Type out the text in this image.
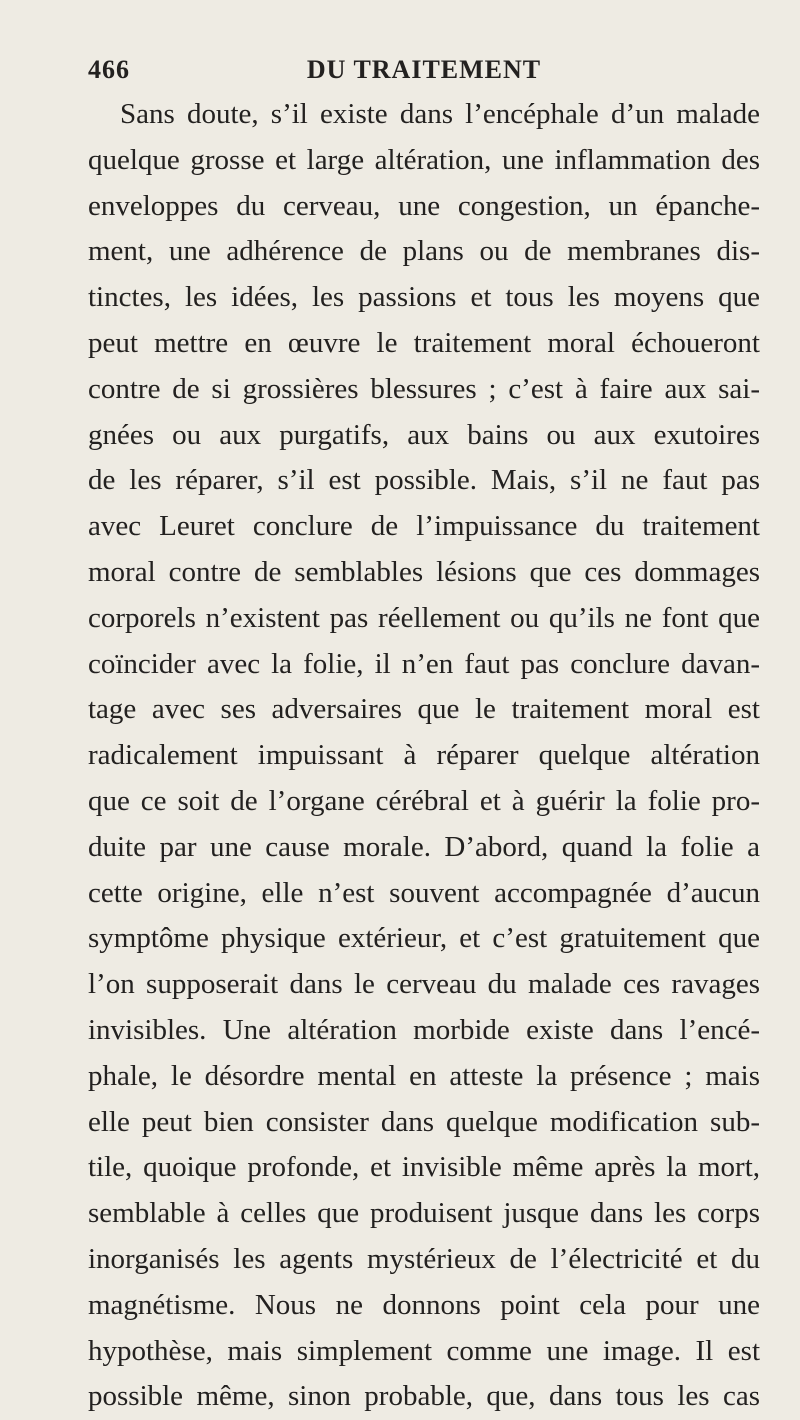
466	DU TRAITEMENT
Sans doute, s’il existe dans l’encéphale d’un malade
quelque grosse et large altération, une inflammation des
enveloppes du cerveau, une congestion, un épanche-
ment, une adhérence de plans ou de membranes dis-
tinctes, les idées, les passions et tous les moyens que
peut mettre en œuvre le traitement moral échoueront
contre de si grossières blessures ; c’est à faire aux sai-
gnées ou aux purgatifs, aux bains ou aux exutoires
de les réparer, s’il est possible. Mais, s’il ne faut pas
avec Leuret conclure de l’impuissance du traitement
moral contre de semblables lésions que ces dommages
corporels n’existent pas réellement ou qu’ils ne font que
coïncider avec la folie, il n’en faut pas conclure davan-
tage avec ses adversaires que le traitement moral est
radicalement impuissant à réparer quelque altération
que ce soit de l’organe cérébral et à guérir la folie pro-
duite par une cause morale. D’abord, quand la folie a
cette origine, elle n’est souvent accompagnée d’aucun
symptôme physique extérieur, et c’est gratuitement que
l’on supposerait dans le cerveau du malade ces ravages
invisibles. Une altération morbide existe dans l’encé-
phale, le désordre mental en atteste la présence ; mais
elle peut bien consister dans quelque modification sub-
tile, quoique profonde, et invisible même après la mort,
semblable à celles que produisent jusque dans les corps
inorganisés les agents mystérieux de l’électricité et du
magnétisme. Nous ne donnons point cela pour une
hypothèse, mais simplement comme une image. Il est
possible même, sinon probable, que, dans tous les cas
